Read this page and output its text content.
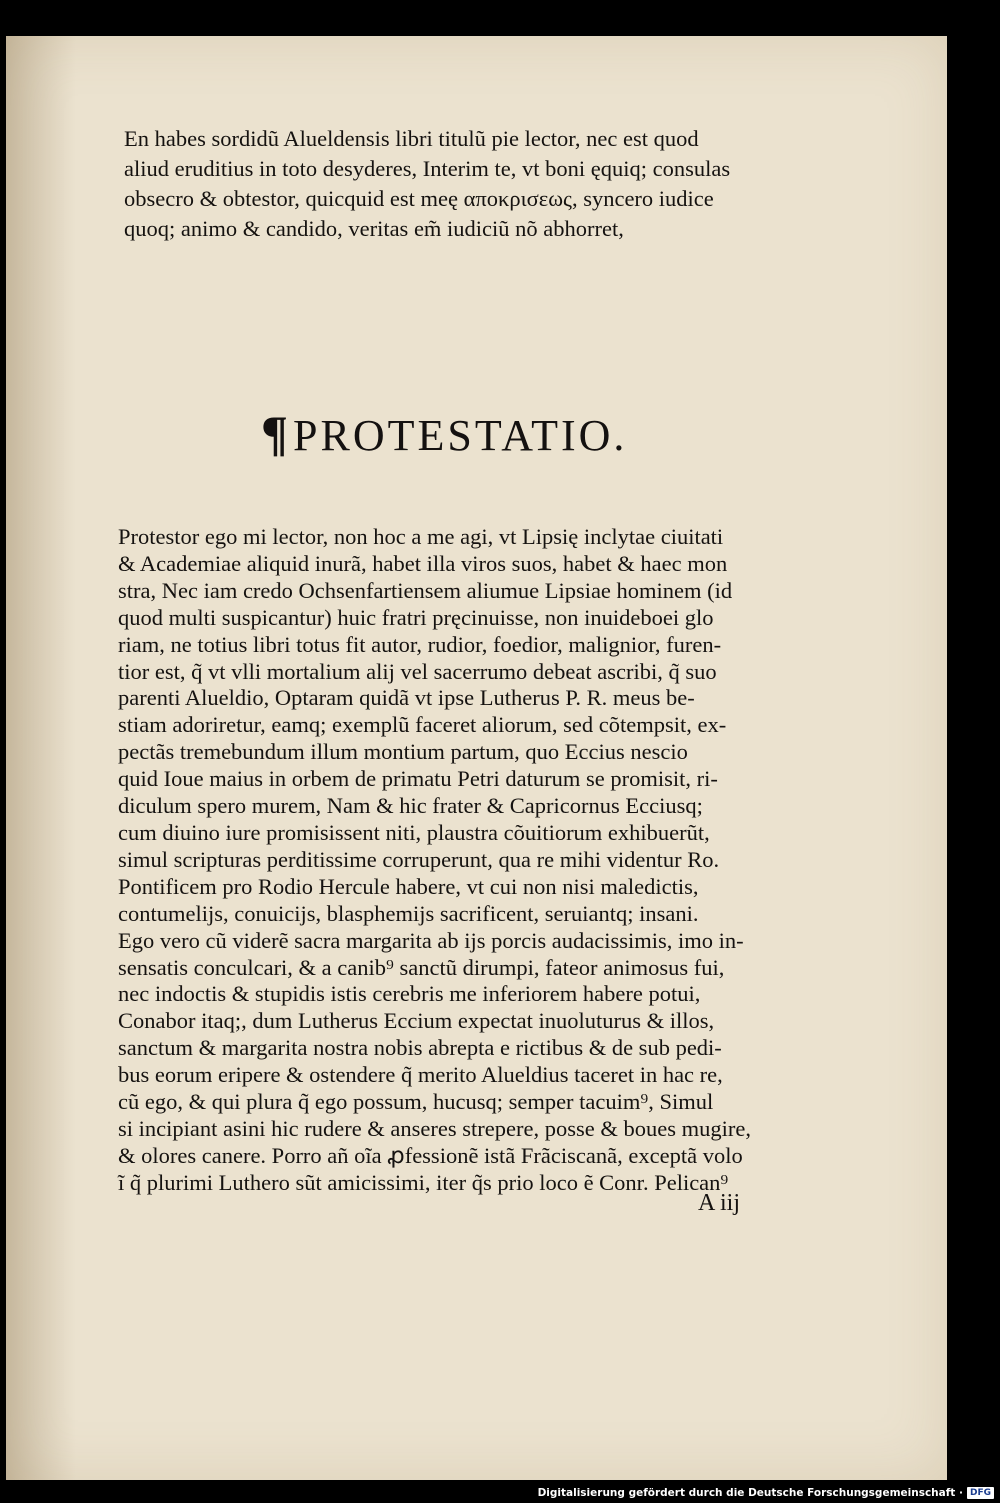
En habes sordidũ Alueldensis libri titulũ pie lector, nec est quod
aliud eruditius in toto desyderes, Interim te, vt boni ęquiq; consulas
obsecro & obtestor, quicquid est meę αποκρισεως, syncero iudice
quoq; animo & candido, veritas em̃ iudiciũ nõ abhorret,
¶PROTESTATIO.
Protestor ego mi lector, non hoc a me agi, vt Lipsię inclytae ciuitati
& Academiae aliquid inurã, habet illa viros suos, habet & haec mon
stra, Nec iam credo Ochsenfartiensem aliumue Lipsiae hominem (id
quod multi suspicantur) huic fratri pręcinuisse, non inuideboei glo
riam, ne totius libri totus fit autor, rudior, foedior, malignior, furen-
tior est, q̃ vt vlli mortalium alij vel sacerrumo debeat ascribi, q̃ suo
parenti Alueldio, Optaram quidã vt ipse Lutherus P. R. meus be-
stiam adoriretur, eamq; exemplũ faceret aliorum, sed cõtempsit, ex-
pectãs tremebundum illum montium partum, quo Eccius nescio
quid Ioue maius in orbem de primatu Petri daturum se promisit, ri-
diculum spero murem, Nam & hic frater & Capricornus Ecciusq;
cum diuino iure promisissent niti, plaustra cõuitiorum exhibuerũt,
simul scripturas perditissime corruperunt, qua re mihi videntur Ro.
Pontificem pro Rodio Hercule habere, vt cui non nisi maledictis,
contumelijs, conuicijs, blasphemijs sacrificent, seruiantq; insani.
Ego vero cũ viderẽ sacra margarita ab ijs porcis audacissimis, imo in-
sensatis conculcari, & a canib⁹ sanctũ dirumpi, fateor animosus fui,
nec indoctis & stupidis istis cerebris me inferiorem habere potui,
Conabor itaq;, dum Lutherus Eccium expectat inuoluturus & illos,
sanctum & margarita nostra nobis abrepta e rictibus & de sub pedi-
bus eorum eripere & ostendere q̃ merito Alueldius taceret in hac re,
cũ ego, & qui plura q̃ ego possum, hucusq; semper tacuim⁹, Simul
si incipiant asini hic rudere & anseres strepere, posse & boues mugire,
& olores canere. Porro añ oĩa ꝓfessionẽ istã Frãciscanã, exceptã volo
ĩ q̃ plurimi Luthero sũt amicissimi, iter q̃s prio loco ẽ Conr. Pelican⁹
A iij
Digitalisierung gefördert durch die Deutsche Forschungsgemeinschaft · DFG
